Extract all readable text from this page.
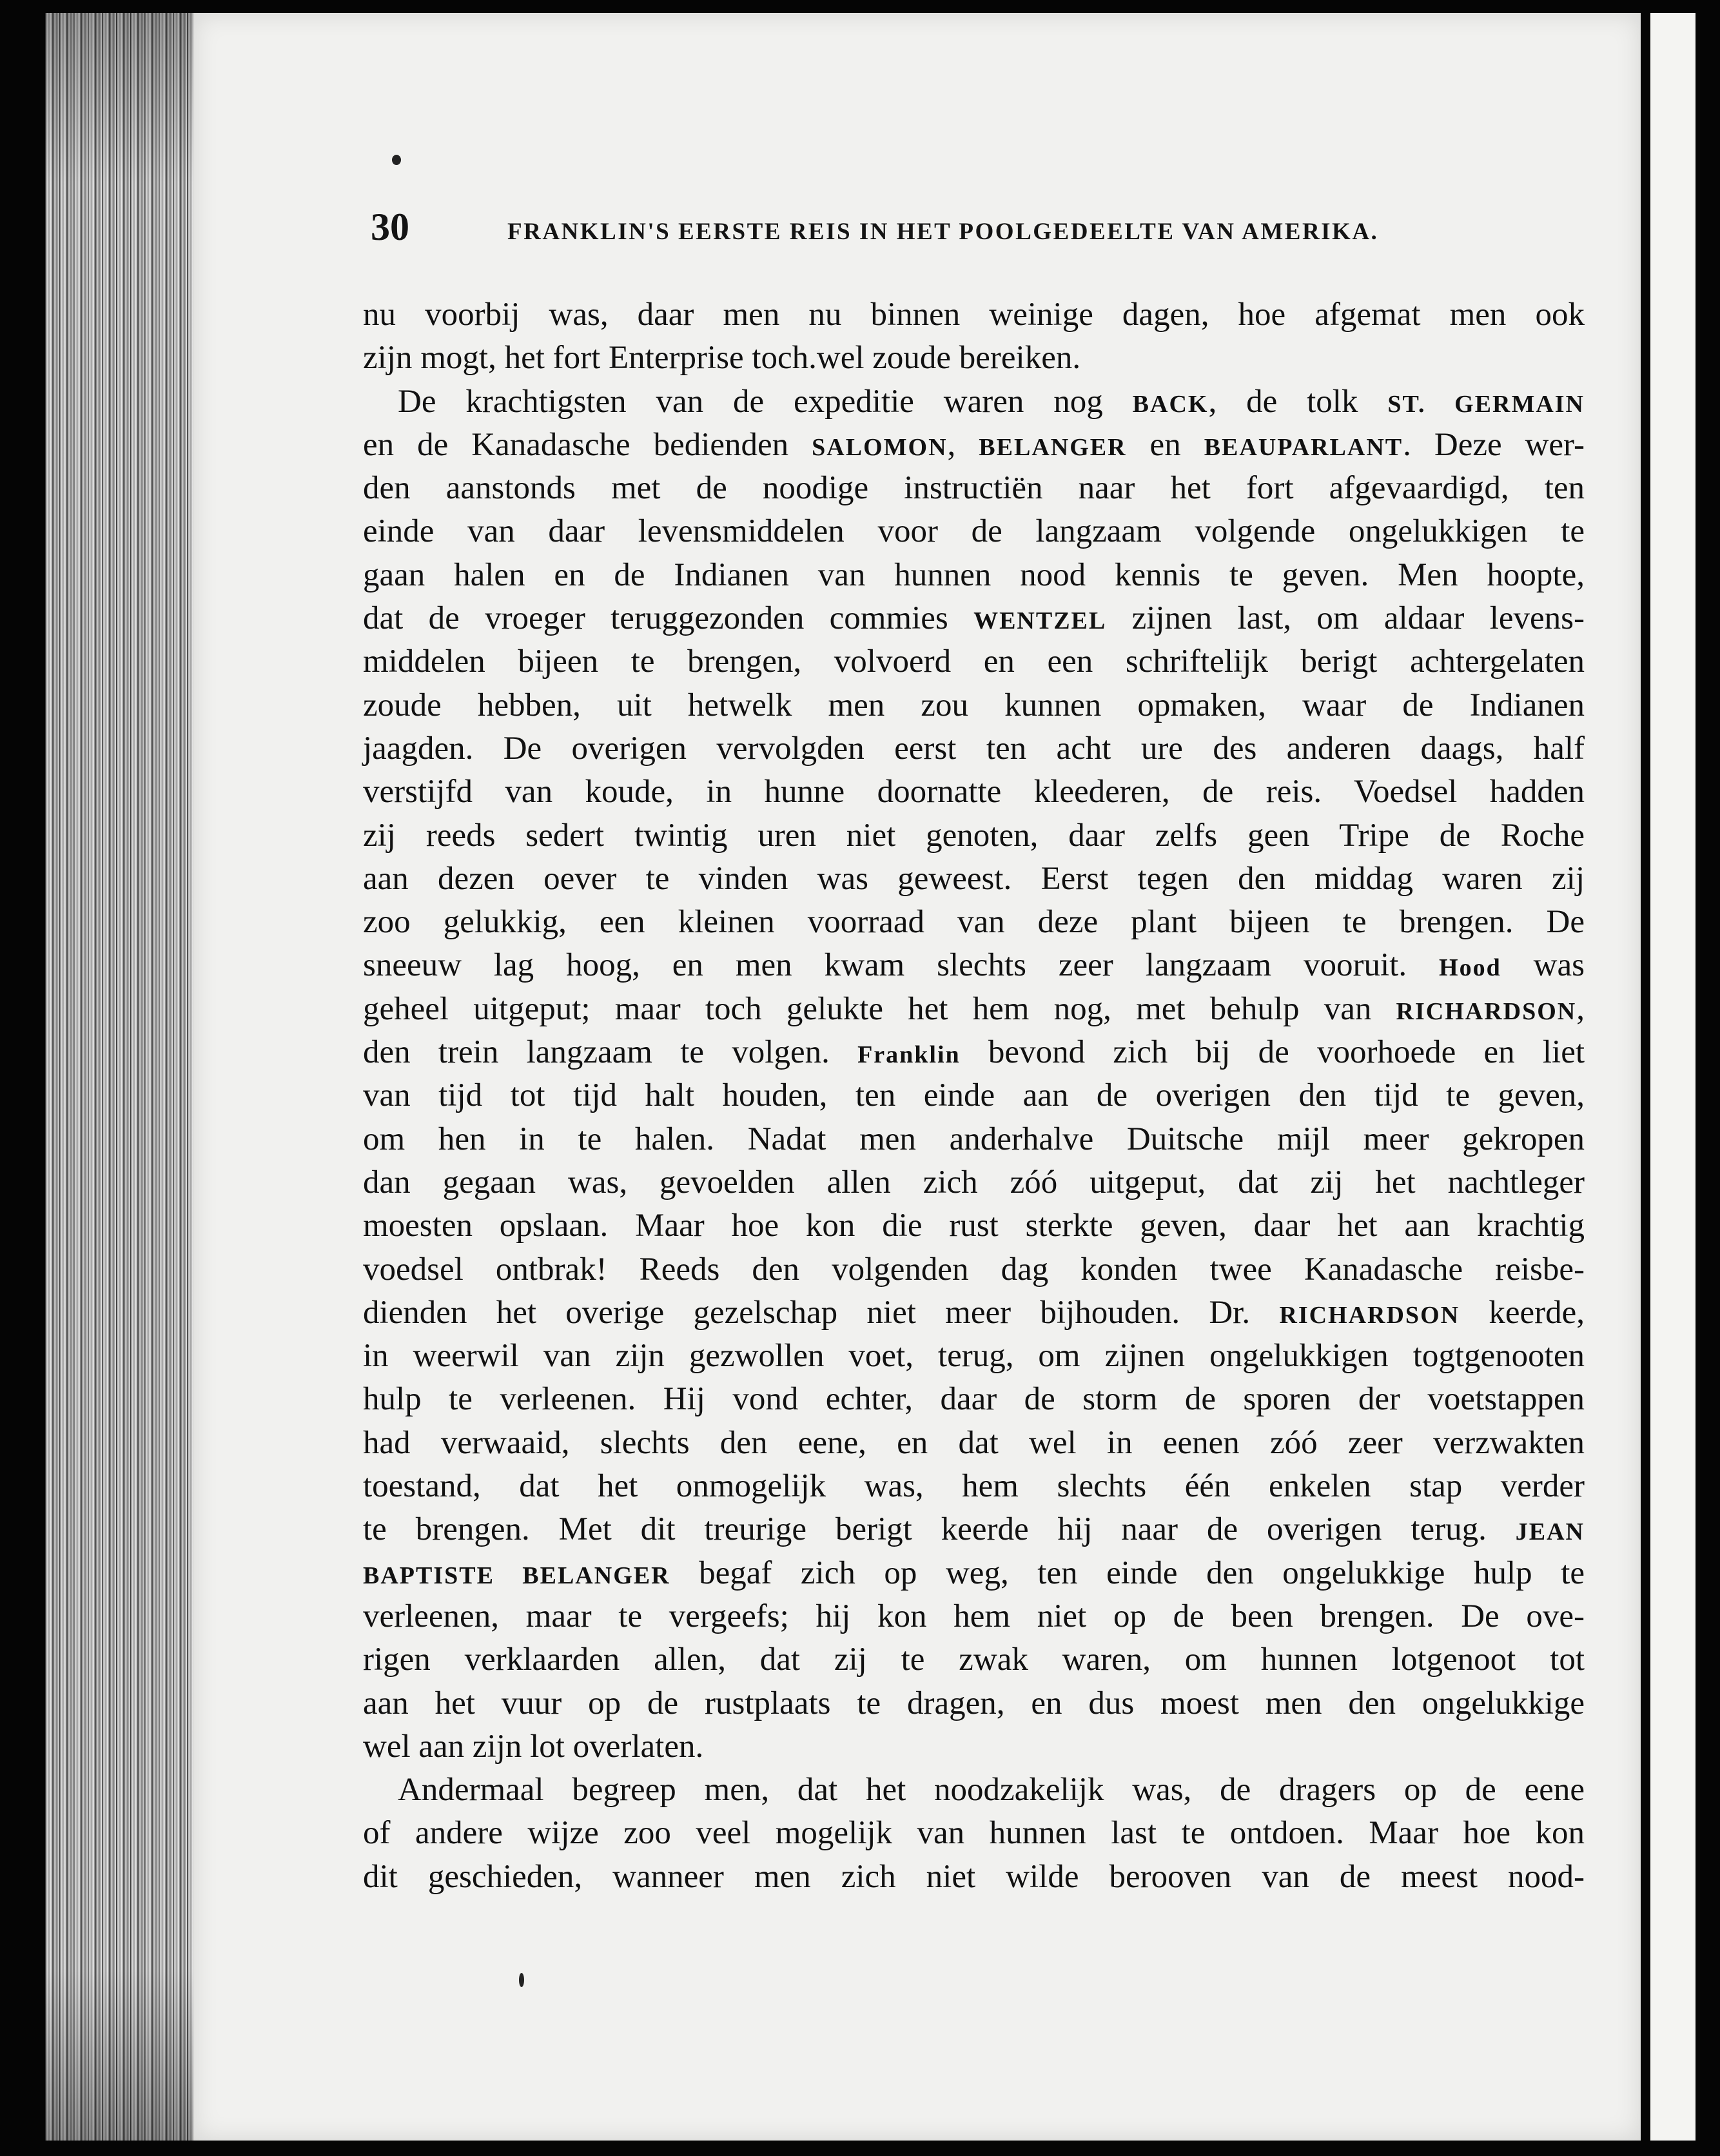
30	FRANKLIN'S EERSTE REIS IN HET POOLGEDEELTE VAN AMERIKA.
nu voorbij was, daar men nu binnen weinige dagen, hoe afgemat men ook
zijn mogt, het fort Enterprise toch.wel zoude bereiken.
De krachtigsten van de expeditie waren nog BACK, de tolk ST. GERMAIN
en de Kanadasche bedienden SALOMON, BELANGER en BEAUPARLANT. Deze wer-
den aanstonds met de noodige instructiën naar het fort afgevaardigd, ten
einde van daar levensmiddelen voor de langzaam volgende ongelukkigen te
gaan halen en de Indianen van hunnen nood kennis te geven. Men hoopte,
dat de vroeger teruggezonden commies WENTZEL zijnen last, om aldaar levens-
middelen bijeen te brengen, volvoerd en een schriftelijk berigt achtergelaten
zoude hebben, uit hetwelk men zou kunnen opmaken, waar de Indianen
jaagden. De overigen vervolgden eerst ten acht ure des anderen daags, half
verstijfd van koude, in hunne doornatte kleederen, de reis. Voedsel hadden
zij reeds sedert twintig uren niet genoten, daar zelfs geen Tripe de Roche
aan dezen oever te vinden was geweest. Eerst tegen den middag waren zij
zoo gelukkig, een kleinen voorraad van deze plant bijeen te brengen. De
sneeuw lag hoog, en men kwam slechts zeer langzaam vooruit. Hood was
geheel uitgeput; maar toch gelukte het hem nog, met behulp van RICHARDSON,
den trein langzaam te volgen. Franklin bevond zich bij de voorhoede en liet
van tijd tot tijd halt houden, ten einde aan de overigen den tijd te geven,
om hen in te halen. Nadat men anderhalve Duitsche mijl meer gekropen
dan gegaan was, gevoelden allen zich zóó uitgeput, dat zij het nachtleger
moesten opslaan. Maar hoe kon die rust sterkte geven, daar het aan krachtig
voedsel ontbrak! Reeds den volgenden dag konden twee Kanadasche reisbe-
dienden het overige gezelschap niet meer bijhouden. Dr. RICHARDSON keerde,
in weerwil van zijn gezwollen voet, terug, om zijnen ongelukkigen togtgenooten
hulp te verleenen. Hij vond echter, daar de storm de sporen der voetstappen
had verwaaid, slechts den eene, en dat wel in eenen zóó zeer verzwakten
toestand, dat het onmogelijk was, hem slechts één enkelen stap verder
te brengen. Met dit treurige berigt keerde hij naar de overigen terug. JEAN
BAPTISTE BELANGER begaf zich op weg, ten einde den ongelukkige hulp te
verleenen, maar te vergeefs; hij kon hem niet op de been brengen. De ove-
rigen verklaarden allen, dat zij te zwak waren, om hunnen lotgenoot tot
aan het vuur op de rustplaats te dragen, en dus moest men den ongelukkige
wel aan zijn lot overlaten.
Andermaal begreep men, dat het noodzakelijk was, de dragers op de eene
of andere wijze zoo veel mogelijk van hunnen last te ontdoen. Maar hoe kon
dit geschieden, wanneer men zich niet wilde berooven van de meest nood-
